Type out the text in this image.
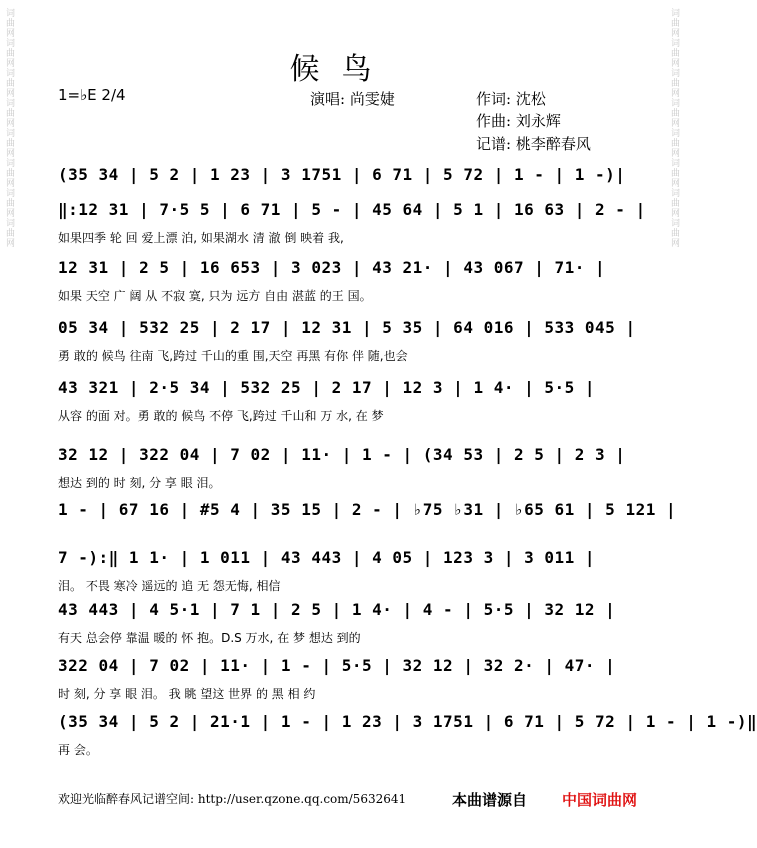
词曲网词曲网词曲网词曲网词曲网词曲网词曲网词曲网	词曲网词曲网词曲网词曲网词曲网词曲网词曲网词曲网
候鸟
1=♭E 2/4	演唱: 尚雯婕	作词: 沈松
作曲: 刘永辉
记谱: 桃李醉春风
(35 34 | 5 2 | 1 23 | 3 1751 | 6 71 | 5 72 | 1 - | 1 -)|
‖:12 31 | 7·5 5 | 6 71 | 5 - | 45 64 | 5 1 | 16 63 | 2 - |
如果四季 轮 回 爱上漂 泊, 如果湖水 清 澈 倒 映着 我,
12 31 | 2 5 | 16 653 | 3 023 | 43 21· | 43 067 | 71· |
如果 天空 广 阔 从 不寂 寞, 只为 远方 自由 湛蓝 的王 国。
05 34 | 532 25 | 2 17 | 12 31 | 5 35 | 64 016 | 533 045 |
勇 敢的 候鸟 往南 飞,跨过 千山的重 围,天空 再黑 有你 伴 随,也会
43 321 | 2·5 34 | 532 25 | 2 17 | 12 3 | 1 4· | 5·5 |
从容 的面 对。勇 敢的 候鸟 不停 飞,跨过 千山和 万 水, 在 梦
32 12 | 322 04 | 7 02 | 11· | 1 - | (34 53 | 2 5 | 2 3 |
想达 到的 时 刻, 分 享 眼 泪。
1 - | 67 16 | #5 4 | 35 15 | 2 - | ♭75 ♭31 | ♭65 61 | 5 121 |
7 -):‖ 1 1· | 1 011 | 43 443 | 4 05 | 123 3 | 3 011 |
泪。 不畏 寒冷 遥远的 追 无 怨无悔, 相信
43 443 | 4 5·1 | 7 1 | 2 5 | 1 4· | 4 - | 5·5 | 32 12 |
有天 总会停 靠温 暖的 怀 抱。D.S 万水, 在 梦 想达 到的
322 04 | 7 02 | 11· | 1 - | 5·5 | 32 12 | 32 2· | 47· |
时 刻, 分 享 眼 泪。 我 眺 望这 世界 的 黑 相 约
(35 34 | 5 2 | 21·1 | 1 - | 1 23 | 3 1751 | 6 71 | 5 72 | 1 - | 1 -)‖
再 会。
欢迎光临醉春风记谱空间: http://user.qzone.qq.com/5632641	本曲谱源自 中国词曲网
